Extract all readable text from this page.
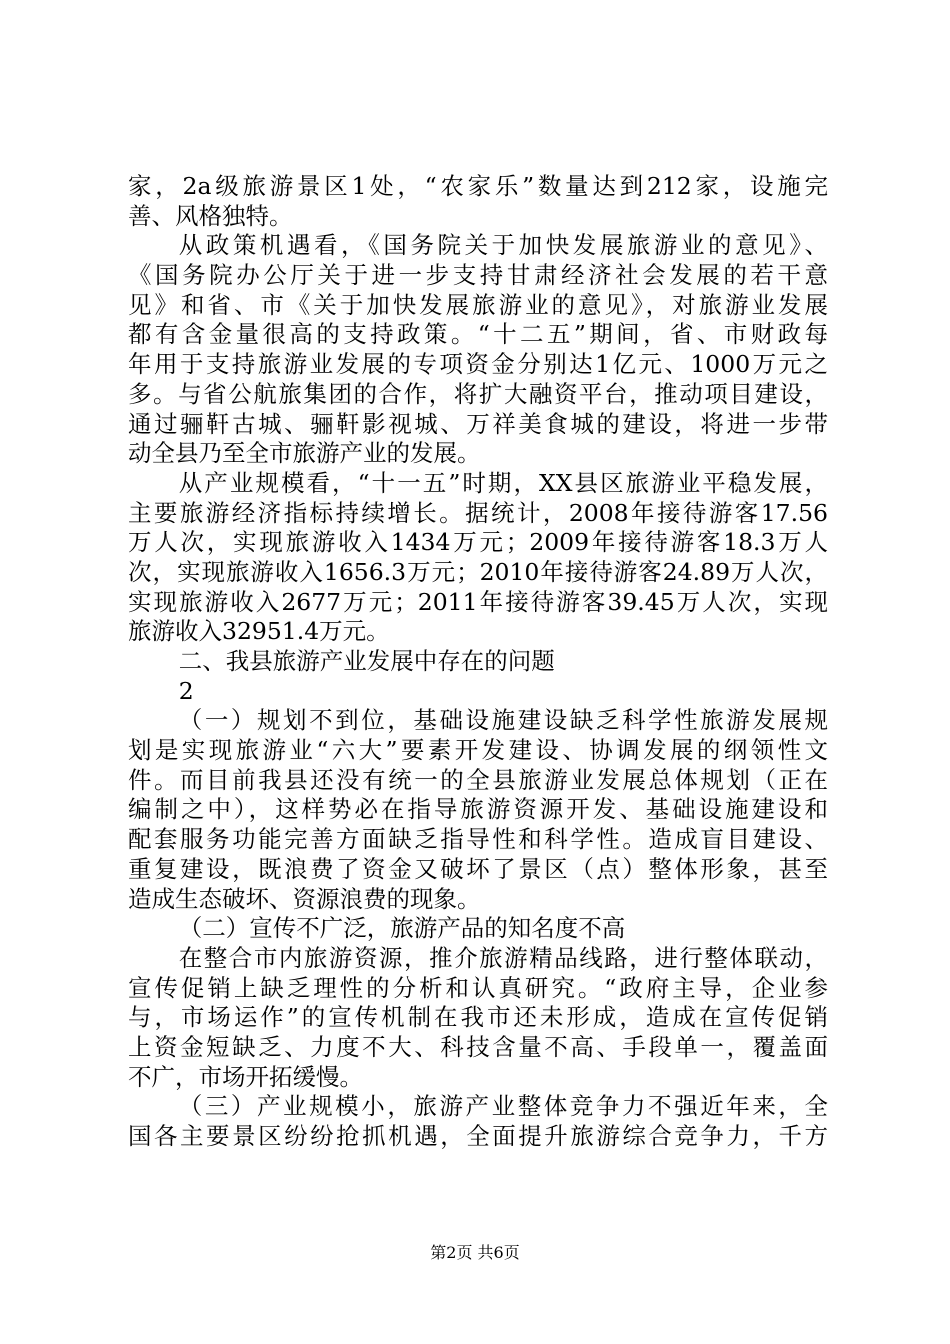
家，2a级旅游景区1处，“农家乐”数量达到212家，设施完
善、风格独特。
从政策机遇看，《国务院关于加快发展旅游业的意见》、
《国务院办公厅关于进一步支持甘肃经济社会发展的若干意
见》和省、市《关于加快发展旅游业的意见》，对旅游业发展
都有含金量很高的支持政策。“十二五”期间，省、市财政每
年用于支持旅游业发展的专项资金分别达1亿元、1000万元之
多。与省公航旅集团的合作，将扩大融资平台，推动项目建设，
通过骊靬古城、骊靬影视城、万祥美食城的建设，将进一步带
动全县乃至全市旅游产业的发展。
从产业规模看，“十一五”时期，XX县区旅游业平稳发展，
主要旅游经济指标持续增长。据统计，2008年接待游客17.56
万人次，实现旅游收入1434万元；2009年接待游客18.3万人
次，实现旅游收入1656.3万元；2010年接待游客24.89万人次，
实现旅游收入2677万元；2011年接待游客39.45万人次，实现
旅游收入32951.4万元。
二、我县旅游产业发展中存在的问题
2
（一）规划不到位，基础设施建设缺乏科学性旅游发展规
划是实现旅游业“六大”要素开发建设、协调发展的纲领性文
件。而目前我县还没有统一的全县旅游业发展总体规划（正在
编制之中），这样势必在指导旅游资源开发、基础设施建设和
配套服务功能完善方面缺乏指导性和科学性。造成盲目建设、
重复建设，既浪费了资金又破坏了景区（点）整体形象，甚至
造成生态破坏、资源浪费的现象。
（二）宣传不广泛，旅游产品的知名度不高
在整合市内旅游资源，推介旅游精品线路，进行整体联动，
宣传促销上缺乏理性的分析和认真研究。“政府主导，企业参
与，市场运作”的宣传机制在我市还未形成，造成在宣传促销
上资金短缺乏、力度不大、科技含量不高、手段单一，覆盖面
不广，市场开拓缓慢。
（三）产业规模小，旅游产业整体竞争力不强近年来，全
国各主要景区纷纷抢抓机遇，全面提升旅游综合竞争力，千方
第2页 共6页
